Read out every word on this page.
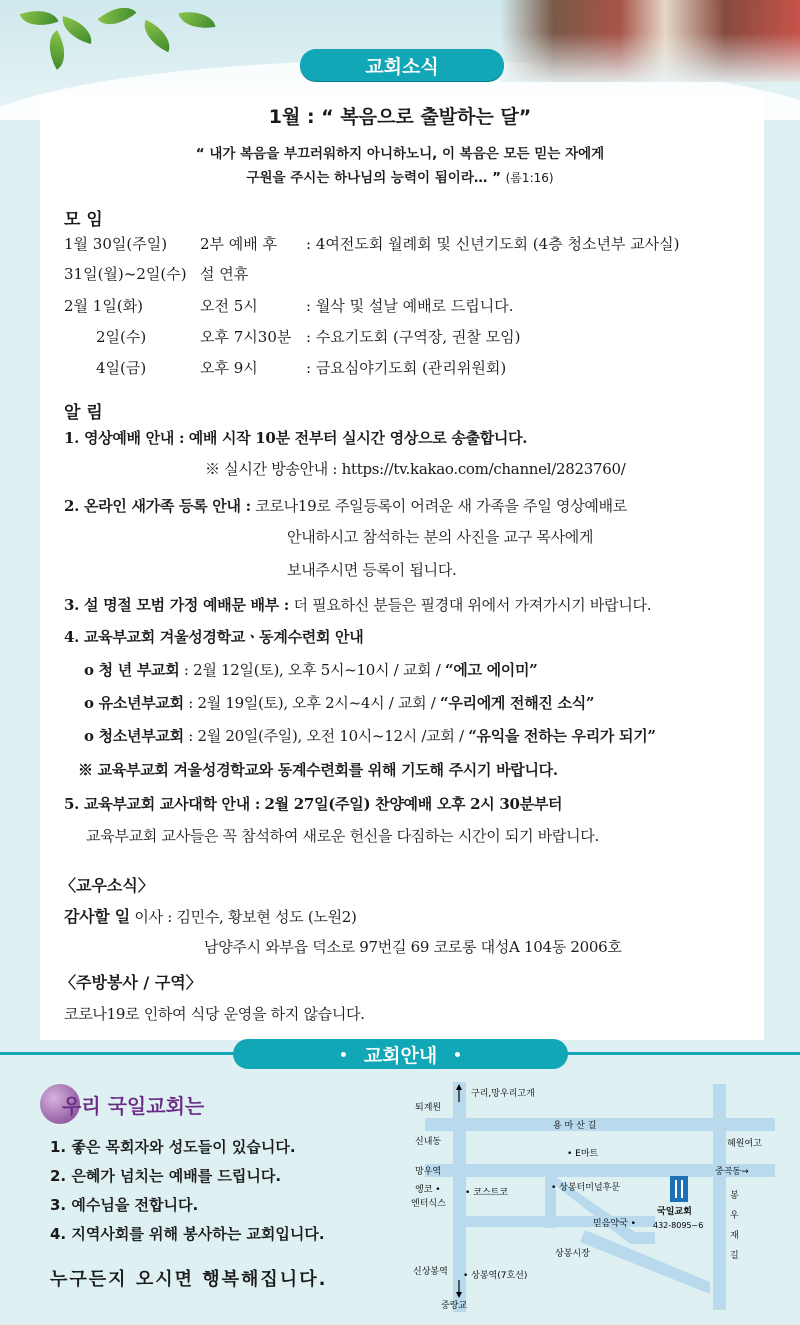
교회소식
1월 : “ 복음으로 출발하는 달”
“ 내가 복음을 부끄러워하지 아니하노니, 이 복음은 모든 믿는 자에게
구원을 주시는 하나님의 능력이 됨이라… ” (롬1:16)
모 임
1월 30일(주일) 2부 예배 후 : 4여전도회 월례회 및 신년기도회 (4층 청소년부 교사실)
31일(월)~2일(수) 설 연휴
2월 1일(화)	오전 5시	: 월삭 및 설날 예배로 드립니다.
2일(수)	오후 7시30분 : 수요기도회 (구역장, 권찰 모임)
4일(금)	오후 9시	: 금요심야기도회 (관리위원회)
알 림
1. 영상예배 안내 : 예배 시작 10분 전부터 실시간 영상으로 송출합니다.
※ 실시간 방송안내 : https://tv.kakao.com/channel/2823760/
2. 온라인 새가족 등록 안내 : 코로나19로 주일등록이 어려운 새 가족을 주일 영상예배로
안내하시고 참석하는 분의 사진을 교구 목사에게
보내주시면 등록이 됩니다.
3. 설 명절 모범 가정 예배문 배부 : 더 필요하신 분들은 필경대 위에서 가져가시기 바랍니다.
4. 교육부교회 겨울성경학교ㆍ동계수련회 안내
o 청 년 부교회 : 2월 12일(토), 오후 5시~10시 / 교회 / “에고 에이미”
o 유소년부교회 : 2월 19일(토), 오후 2시~4시 / 교회 / “우리에게 전해진 소식”
o 청소년부교회 : 2월 20일(주일), 오전 10시~12시 /교회 / “유익을 전하는 우리가 되기”
※ 교육부교회 겨울성경학교와 동계수련회를 위해 기도해 주시기 바랍니다.
5. 교육부교회 교사대학 안내 : 2월 27일(주일) 찬양예배 오후 2시 30분부터
교육부교회 교사들은 꼭 참석하여 새로운 헌신을 다짐하는 시간이 되기 바랍니다.
〈교우소식〉
감사할 일 이사 : 김민수, 황보현 성도 (노원2)
남양주시 와부읍 덕소로 97번길 69 코로롱 대성A 104동 2006호
〈주방봉사 / 구역〉
코로나19로 인하여 식당 운영을 하지 않습니다.
교회안내
우리 국일교회는
1. 좋은 목회자와 성도들이 있습니다.
2. 은혜가 넘치는 예배를 드립니다.
3. 예수님을 전합니다.
4. 지역사회를 위해 봉사하는 교회입니다.
누구든지 오시면 행복해집니다.
구리,망우리고개
용 마 산 길
퇴계원
신내동
• E마트
혜원여고
망우역	중곡동→
엥코 •
엔터식스
• 코스트코	• 상봉터미널후문
국일교회
432-8095~6
믿음약국 •
봉
우
재
길
상봉시장
신상봉역 • 상봉역(7호선)
중랑교
